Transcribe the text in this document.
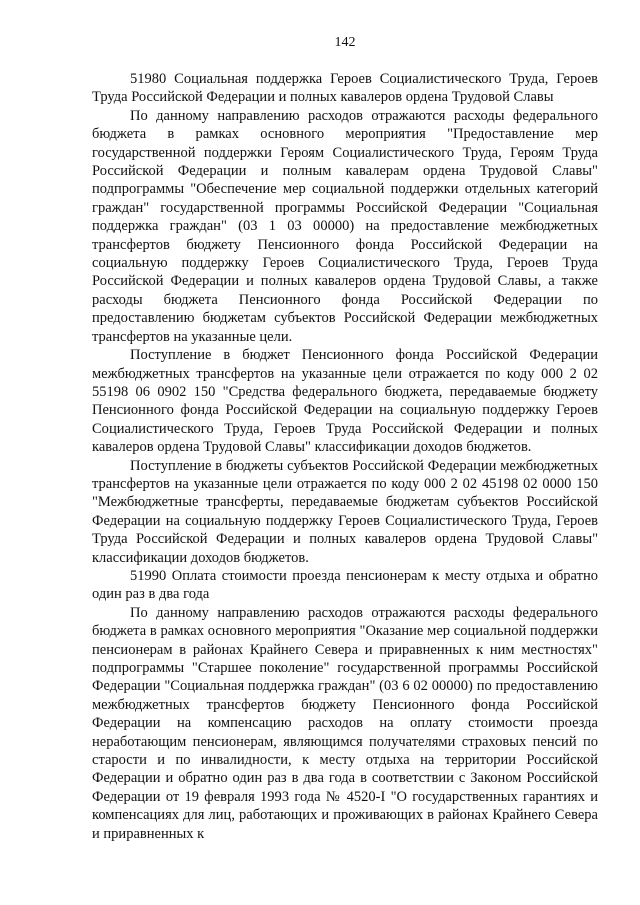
142

51980 Социальная поддержка Героев Социалистического Труда, Героев Труда Российской Федерации и полных кавалеров ордена Трудовой Славы

По данному направлению расходов отражаются расходы федерального бюджета в рамках основного мероприятия "Предоставление мер государственной поддержки Героям Социалистического Труда, Героям Труда Российской Федерации и полным кавалерам ордена Трудовой Славы" подпрограммы "Обеспечение мер социальной поддержки отдельных категорий граждан" государственной программы Российской Федерации "Социальная поддержка граждан" (03 1 03 00000) на предоставление межбюджетных трансфертов бюджету Пенсионного фонда Российской Федерации на социальную поддержку Героев Социалистического Труда, Героев Труда Российской Федерации и полных кавалеров ордена Трудовой Славы, а также расходы бюджета Пенсионного фонда Российской Федерации по предоставлению бюджетам субъектов Российской Федерации межбюджетных трансфертов на указанные цели.

Поступление в бюджет Пенсионного фонда Российской Федерации межбюджетных трансфертов на указанные цели отражается по коду 000 2 02 55198 06 0902 150 "Средства федерального бюджета, передаваемые бюджету Пенсионного фонда Российской Федерации на социальную поддержку Героев Социалистического Труда, Героев Труда Российской Федерации и полных кавалеров ордена Трудовой Славы" классификации доходов бюджетов.

Поступление в бюджеты субъектов Российской Федерации межбюджетных трансфертов на указанные цели отражается по коду 000 2 02 45198 02 0000 150 "Межбюджетные трансферты, передаваемые бюджетам субъектов Российской Федерации на социальную поддержку Героев Социалистического Труда, Героев Труда Российской Федерации и полных кавалеров ордена Трудовой Славы" классификации доходов бюджетов.

51990 Оплата стоимости проезда пенсионерам к месту отдыха и обратно один раз в два года

По данному направлению расходов отражаются расходы федерального бюджета в рамках основного мероприятия "Оказание мер социальной поддержки пенсионерам в районах Крайнего Севера и приравненных к ним местностях" подпрограммы "Старшее поколение" государственной программы Российской Федерации "Социальная поддержка граждан" (03 6 02 00000) по предоставлению межбюджетных трансфертов бюджету Пенсионного фонда Российской Федерации на компенсацию расходов на оплату стоимости проезда неработающим пенсионерам, являющимся получателями страховых пенсий по старости и по инвалидности, к месту отдыха на территории Российской Федерации и обратно один раз в два года в соответствии с Законом Российской Федерации от 19 февраля 1993 года № 4520-I "О государственных гарантиях и компенсациях для лиц, работающих и проживающих в районах Крайнего Севера и приравненных к
